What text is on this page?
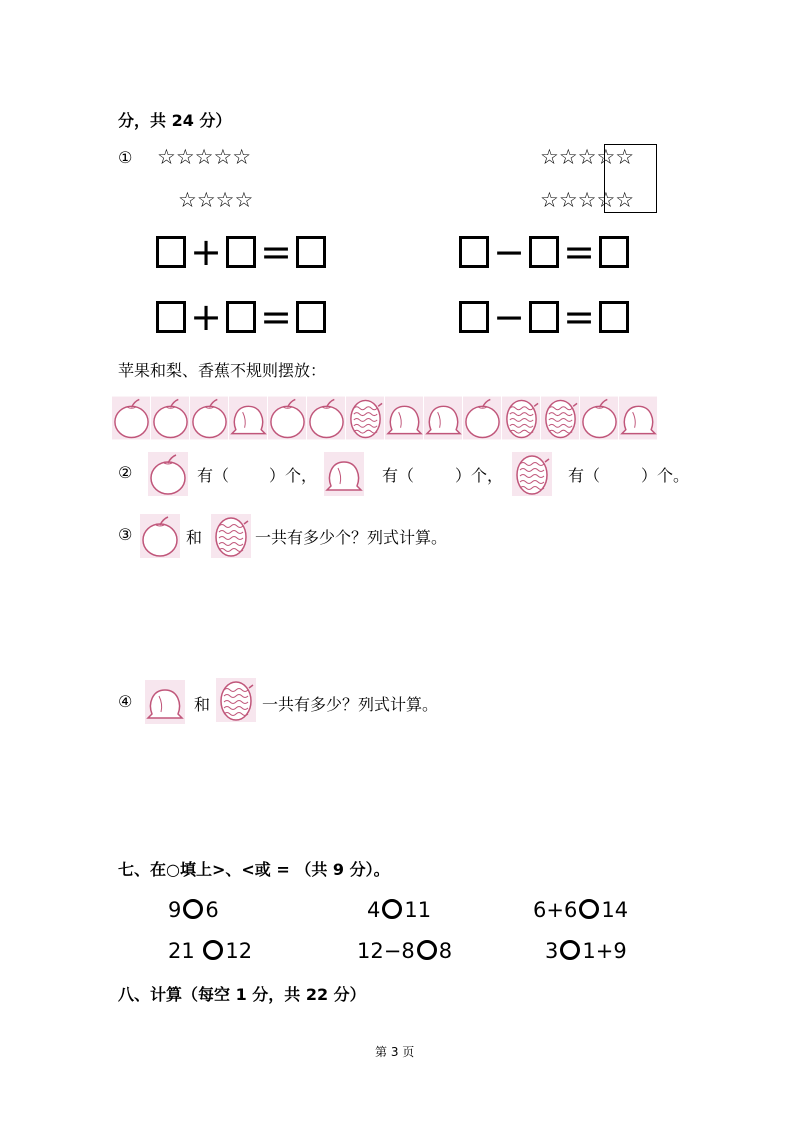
分，共 24 分）
① ☆☆☆☆☆
☆☆☆☆
☆☆☆☆☆
☆☆☆☆☆
+ =
+ =
− =
− =
苹果和梨、香蕉不规则摆放：
②	有（ ）个，	有（	）个，	有（	）个。
③	和	一共有多少个？列式计算。
④	和	一共有多少？列式计算。
七、在○填上>、<或 = （共 9 分）。
9 6	4 11	6+6 14
21 12	12−8 8	3 1+9
八、计算（每空 1 分，共 22 分）
第 3 页
